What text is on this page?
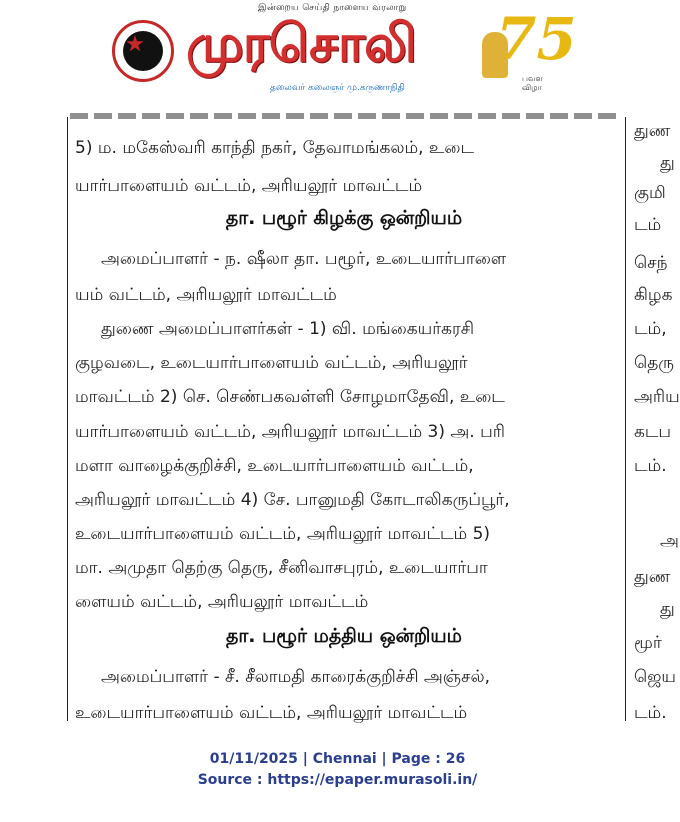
இன்றைய செய்தி நாளைய வரலாறு
முரசொலி
தலைவர் கலைஞர் மு.கருணாநிதி
75
பவள விழா
5) ம. மகேஸ்வரி காந்தி நகர், தேவாமங்கலம், உடை
யார்பாளையம் வட்டம், அரியலூர் மாவட்டம்
தா. பழூர் கிழக்கு ஒன்றியம்
அமைப்பாளர் - ந. ஷீலா தா. பழூர், உடையார்பாளை
யம் வட்டம், அரியலூர் மாவட்டம்
துணை அமைப்பாளர்கள் - 1) வி. மங்கையர்கரசி
குழவடை, உடையார்பாளையம் வட்டம், அரியலூர்
மாவட்டம் 2) செ. செண்பகவள்ளி சோழமாதேவி, உடை
யார்பாளையம் வட்டம், அரியலூர் மாவட்டம் 3) அ. பரி
மளா வாழைக்குறிச்சி, உடையார்பாளையம் வட்டம்,
அரியலூர் மாவட்டம் 4) சே. பானுமதி கோடாலிகருப்பூர்,
உடையார்பாளையம் வட்டம், அரியலூர் மாவட்டம் 5)
மா. அமுதா தெற்கு தெரு, சீனிவாசபுரம், உடையார்பா
ளையம் வட்டம், அரியலூர் மாவட்டம்
தா. பழூர் மத்திய ஒன்றியம்
அமைப்பாளர் - சீ. சீலாமதி காரைக்குறிச்சி அஞ்சல்,
உடையார்பாளையம் வட்டம், அரியலூர் மாவட்டம்
துண
து
குமி
டம்
செந்
கிழக
டம்,
தெரு
அரிய
கடப
டம்.
அ
துண
து
மூர்
ஜெய
டம்.
01/11/2025 | Chennai | Page : 26
Source : https://epaper.murasoli.in/
